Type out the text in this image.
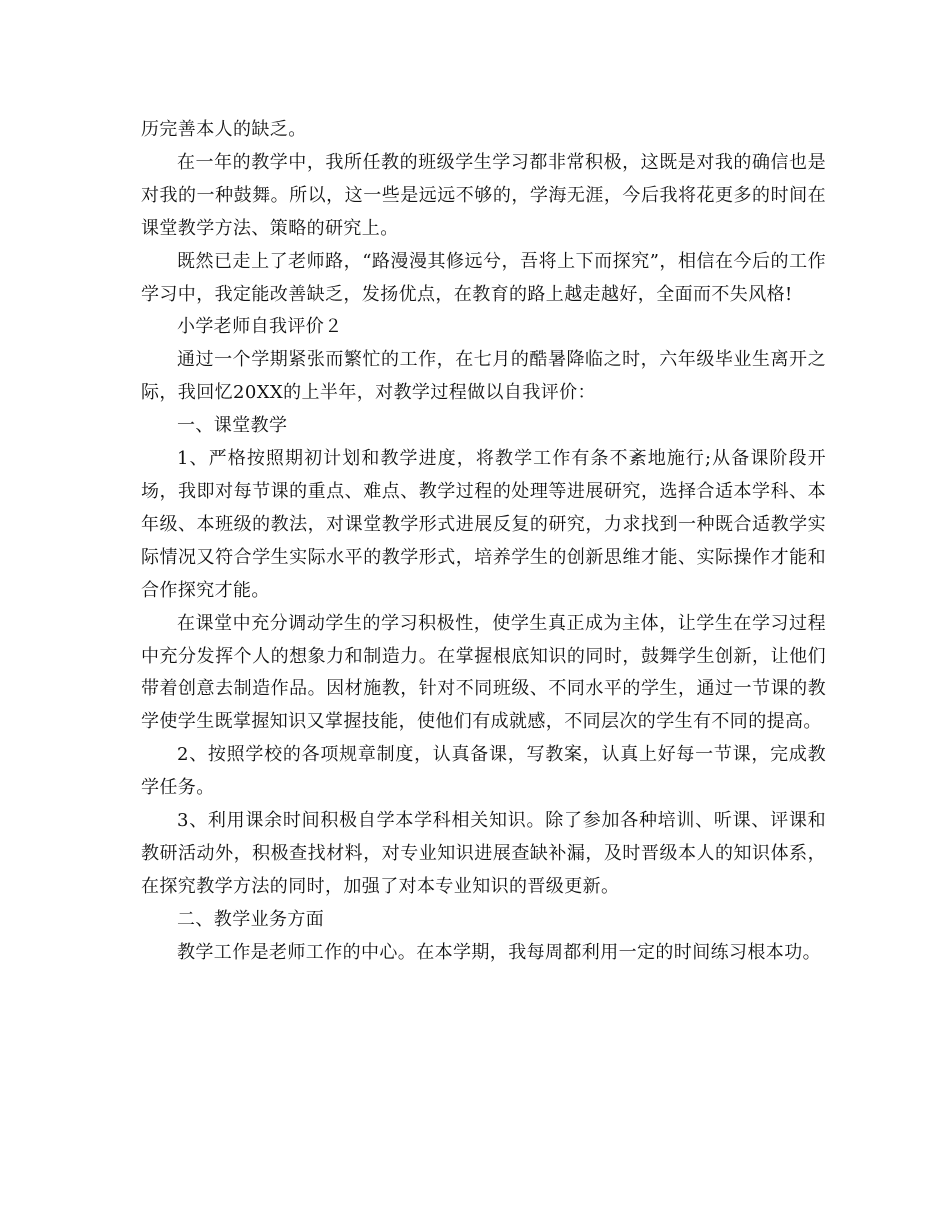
历完善本人的缺乏。

在一年的教学中，我所任教的班级学生学习都非常积极，这既是对我的确信也是对我的一种鼓舞。所以，这一些是远远不够的，学海无涯，今后我将花更多的时间在课堂教学方法、策略的研究上。

既然已走上了老师路，“路漫漫其修远兮，吾将上下而探究”，相信在今后的工作学习中，我定能改善缺乏，发扬优点，在教育的路上越走越好，全面而不失风格!

小学老师自我评价２

通过一个学期紧张而繁忙的工作，在七月的酷暑降临之时，六年级毕业生离开之际，我回忆20XX的上半年，对教学过程做以自我评价：

一、课堂教学

1、严格按照期初计划和教学进度，将教学工作有条不紊地施行;从备课阶段开场，我即对每节课的重点、难点、教学过程的处理等进展研究，选择合适本学科、本年级、本班级的教法，对课堂教学形式进展反复的研究，力求找到一种既合适教学实际情况又符合学生实际水平的教学形式，培养学生的创新思维才能、实际操作才能和合作探究才能。

在课堂中充分调动学生的学习积极性，使学生真正成为主体，让学生在学习过程中充分发挥个人的想象力和制造力。在掌握根底知识的同时，鼓舞学生创新，让他们带着创意去制造作品。因材施教，针对不同班级、不同水平的学生，通过一节课的教学使学生既掌握知识又掌握技能，使他们有成就感，不同层次的学生有不同的提高。

2、按照学校的各项规章制度，认真备课，写教案，认真上好每一节课，完成教学任务。

3、利用课余时间积极自学本学科相关知识。除了参加各种培训、听课、评课和教研活动外，积极查找材料，对专业知识进展查缺补漏，及时晋级本人的知识体系，在探究教学方法的同时，加强了对本专业知识的晋级更新。

二、教学业务方面

教学工作是老师工作的中心。在本学期，我每周都利用一定的时间练习根本功。
